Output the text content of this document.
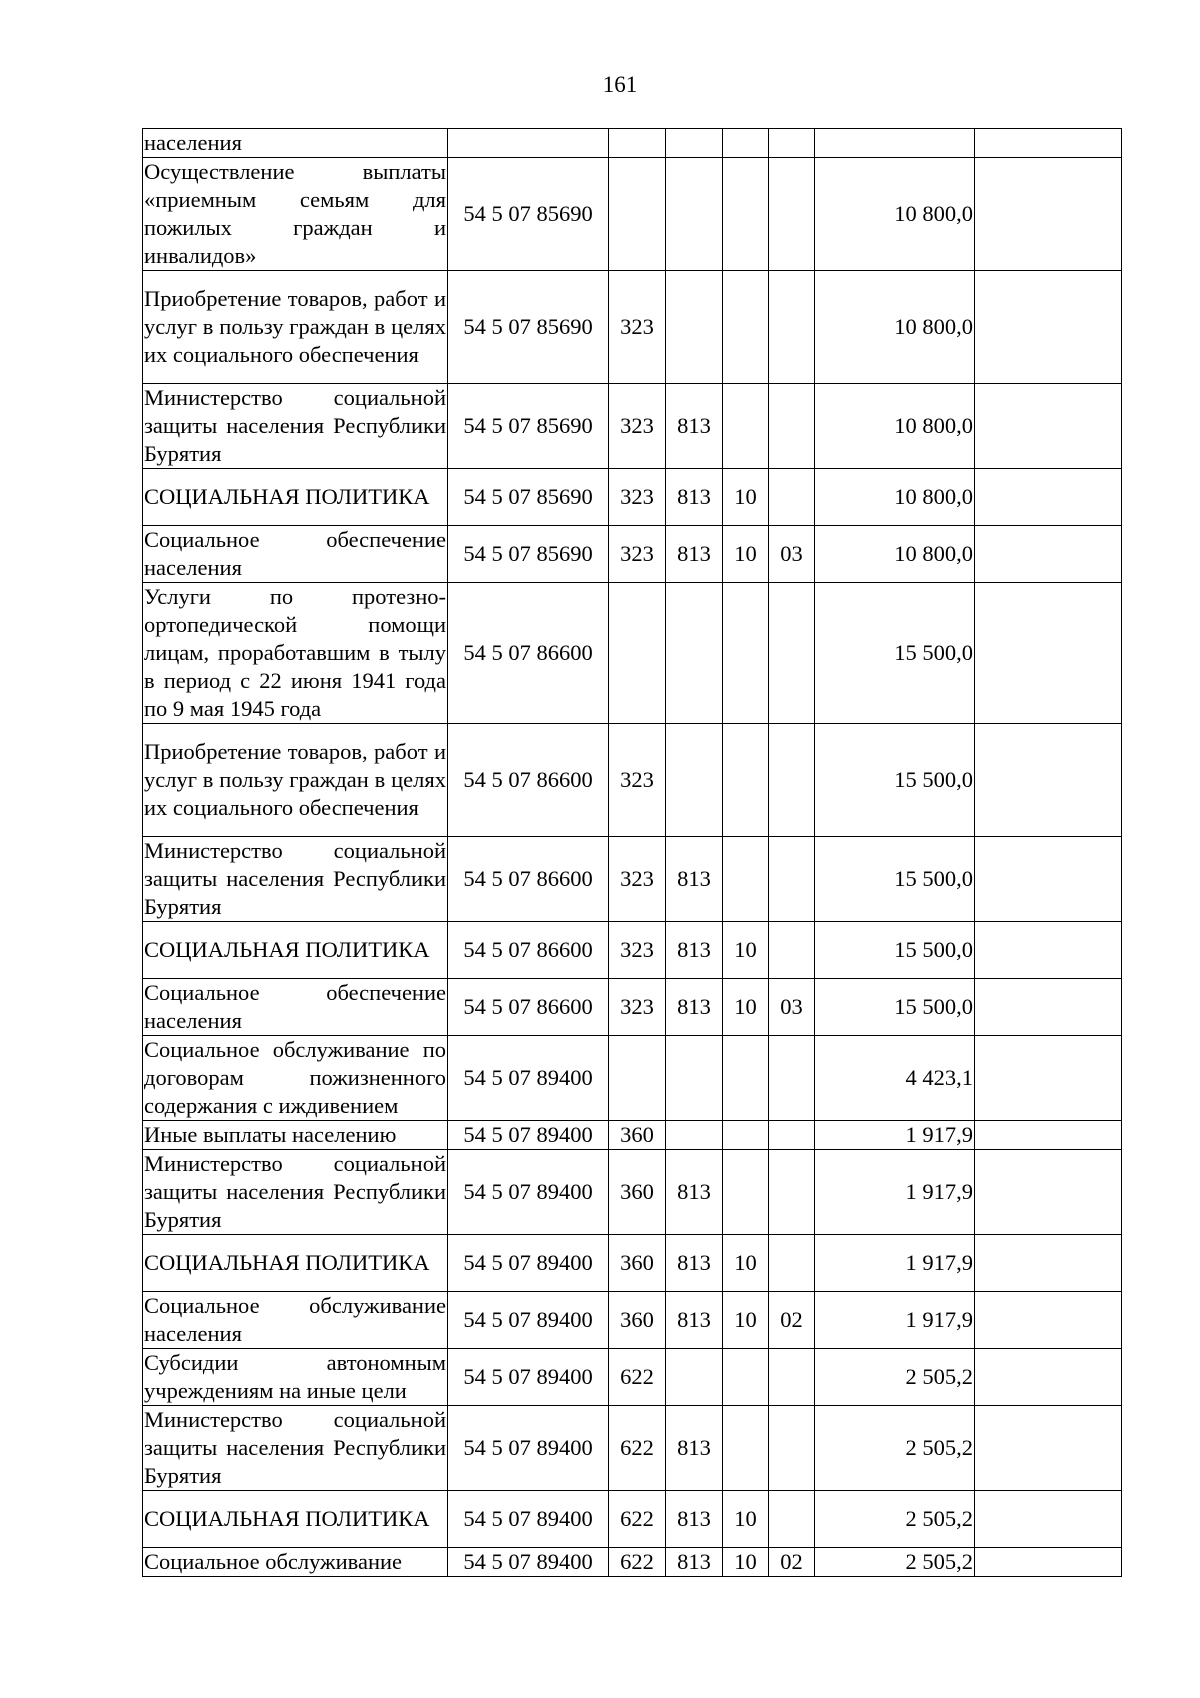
161
населения							
Осуществление выплаты «приемным семьям для пожилых граждан и инвалидов»	54 5 07 85690					10 800,0	
Приобретение товаров, работ и услуг в пользу граждан в целях их социального обеспечения	54 5 07 85690	323				10 800,0	
Министерство социальной защиты населения Республики Бурятия	54 5 07 85690	323	813			10 800,0	
СОЦИАЛЬНАЯ ПОЛИТИКА	54 5 07 85690	323	813	10		10 800,0	
Социальное обеспечение населения	54 5 07 85690	323	813	10	03	10 800,0	
Услуги по протезно-ортопедической помощи лицам, проработавшим в тылу в период с 22 июня 1941 года по 9 мая 1945 года	54 5 07 86600					15 500,0	
Приобретение товаров, работ и услуг в пользу граждан в целях их социального обеспечения	54 5 07 86600	323				15 500,0	
Министерство социальной защиты населения Республики Бурятия	54 5 07 86600	323	813			15 500,0	
СОЦИАЛЬНАЯ ПОЛИТИКА	54 5 07 86600	323	813	10		15 500,0	
Социальное обеспечение населения	54 5 07 86600	323	813	10	03	15 500,0	
Социальное обслуживание по договорам пожизненного содержания с иждивением	54 5 07 89400					4 423,1	
Иные выплаты населению	54 5 07 89400	360				1 917,9	
Министерство социальной защиты населения Республики Бурятия	54 5 07 89400	360	813			1 917,9	
СОЦИАЛЬНАЯ ПОЛИТИКА	54 5 07 89400	360	813	10		1 917,9	
Социальное обслуживание населения	54 5 07 89400	360	813	10	02	1 917,9	
Субсидии автономным учреждениям на иные цели	54 5 07 89400	622				2 505,2	
Министерство социальной защиты населения Республики Бурятия	54 5 07 89400	622	813			2 505,2	
СОЦИАЛЬНАЯ ПОЛИТИКА	54 5 07 89400	622	813	10		2 505,2	
Социальное обслуживание	54 5 07 89400	622	813	10	02	2 505,2	
